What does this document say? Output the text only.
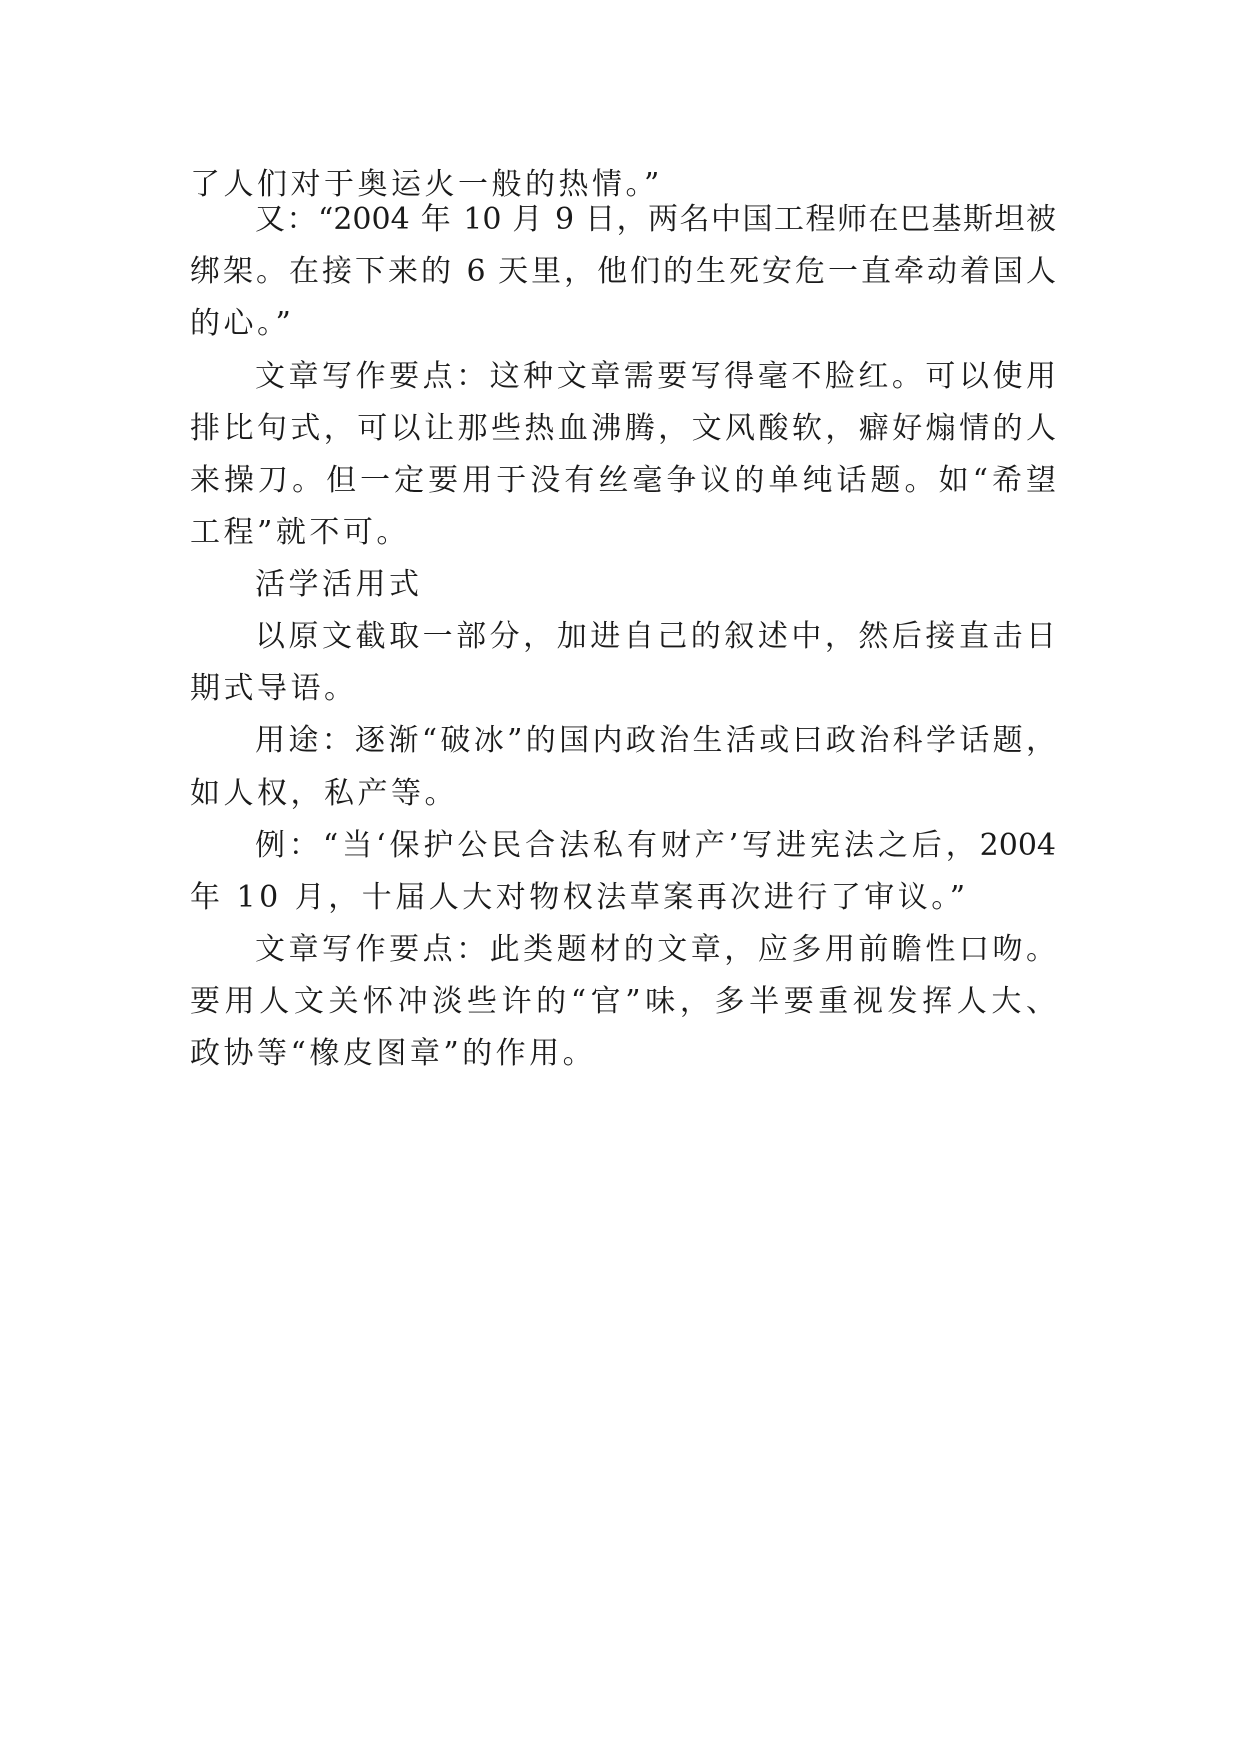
了人们对于奥运火一般的热情。”
又：“2004 年 10 月 9 日，两名中国工程师在巴基斯坦被
绑架。在接下来的 6 天里，他们的生死安危一直牵动着国人
的心。”
文章写作要点：这种文章需要写得毫不脸红。可以使用
排比句式，可以让那些热血沸腾，文风酸软，癖好煽情的人
来操刀。但一定要用于没有丝毫争议的单纯话题。如“希望
工程”就不可。
活学活用式
以原文截取一部分，加进自己的叙述中，然后接直击日
期式导语。
用途：逐渐“破冰”的国内政治生活或曰政治科学话题，
如人权，私产等。
例：“当‘保护公民合法私有财产’写进宪法之后，2004
年 10 月，十届人大对物权法草案再次进行了审议。”
文章写作要点：此类题材的文章，应多用前瞻性口吻。
要用人文关怀冲淡些许的“官”味，多半要重视发挥人大、
政协等“橡皮图章”的作用。
